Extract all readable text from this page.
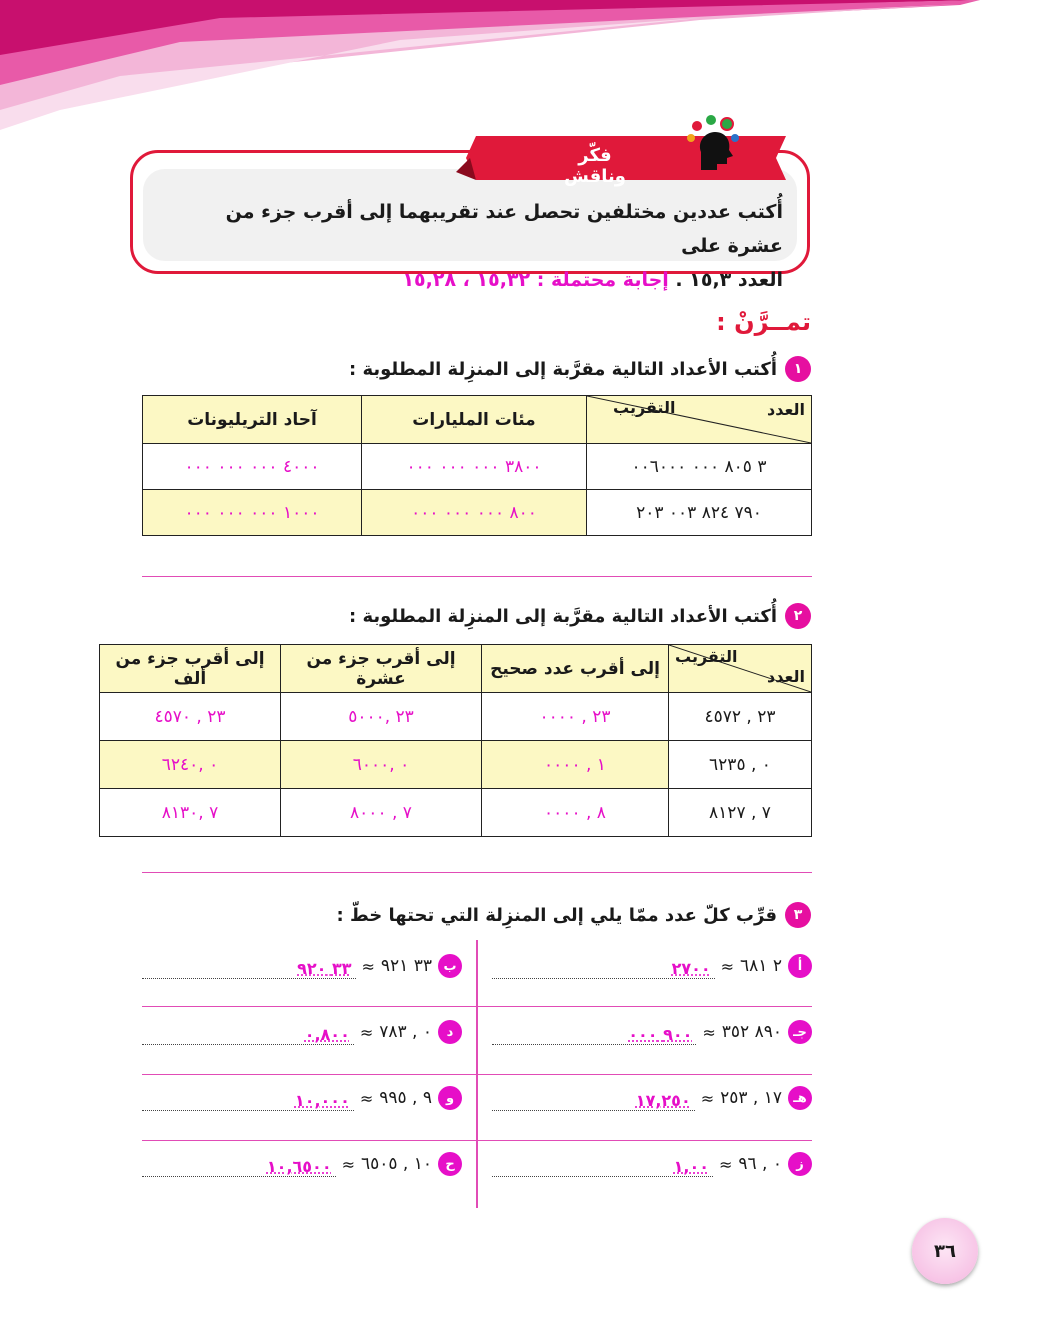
أُكتب عددين مختلفين تحصل عند تقريبهما إلى أقرب جزء من عشرة على
العدد ١٥,٣ . إجابة محتملة : ١٥,٣٢ ، ١٥,٢٨
فكّر وناقش
تمــرَّنْ :
١
أُكتب الأعداد التالية مقرَّبة إلى المنزِلة المطلوبة :
العدد
التقريب	مئات المليارات	آحاد التريليونات
٣ ٨٠٥ ٠٠٠ ٠٠٦٠٠٠	٣٨٠٠ ٠٠٠ ٠٠٠ ٠٠٠	٤٠٠٠ ٠٠٠ ٠٠٠ ٠٠٠
٧٩٠ ٨٢٤ ٠٠٣ ٢٠٣	٨٠٠ ٠٠٠ ٠٠٠ ٠٠٠	١٠٠٠ ٠٠٠ ٠٠٠ ٠٠٠
٢
أُكتب الأعداد التالية مقرَّبة إلى المنزِلة المطلوبة :
العدد
التقريب	إلى أقرب عدد صحيح	إلى أقرب جزء من عشرة	إلى أقرب جزء من ألف
٢٣ , ٤٥٧٢	٢٣ , ٠٠٠٠	٢٣ ,٥٠٠٠	٢٣ , ٤٥٧٠
٠ , ٦٢٣٥	١ , ٠٠٠٠	٠ ,٦٠٠٠	٠ ,٦٢٤٠
٧ , ٨١٢٧	٨ , ٠٠٠٠	٧ , ٨٠٠٠	٧ ,٨١٣٠
٣
قرِّب كلّ عدد ممّا يلي إلى المنزِلة التي تحتها خطّ :
أ
٢ ٦٨١
≈
٢٧٠٠
ب
٣٣ ٩٢١
≈
٣٣ ٩٢٠
جـ
٨٩٠ ٣٥٢
≈
٩٠٠ ٠٠٠
د
٠ , ٧٨٣
≈
٠,٨٠٠
هـ
١٧ , ٢٥٣
≈
١٧,٢٥٠
و
٩ , ٩٩٥
≈
١٠,٠٠٠
ز
٠ , ٩٦
≈
١,٠٠
ح
١٠ , ٦٥٠٥
≈
١٠,٦٥٠٠
٣٦
